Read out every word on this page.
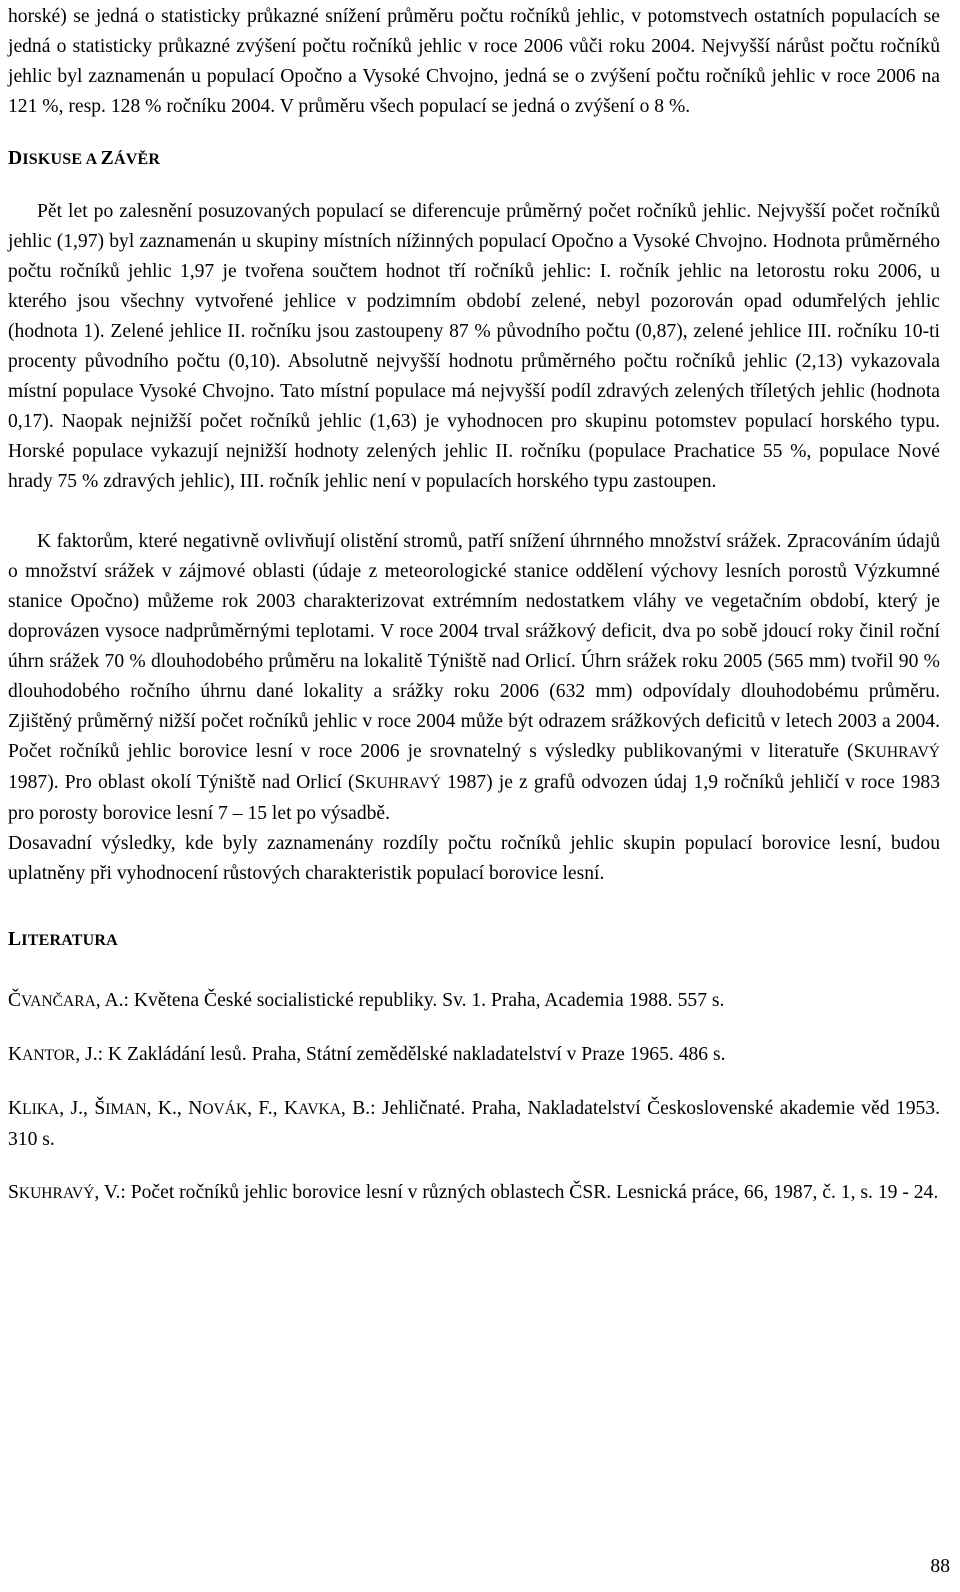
horské) se jedná o statisticky průkazné snížení průměru počtu ročníků jehlic, v potomstvech ostatních populacích se jedná o statisticky průkazné zvýšení počtu ročníků jehlic v roce 2006 vůči roku 2004. Nejvyšší nárůst počtu ročníků jehlic byl zaznamenán u populací Opočno a Vysoké Chvojno, jedná se o zvýšení počtu ročníků jehlic v roce 2006 na 121 %, resp. 128 % ročníku 2004. V průměru všech populací se jedná o zvýšení o 8 %.

DISKUSE A ZÁVĚR

Pět let po zalesnění posuzovaných populací se diferencuje průměrný počet ročníků jehlic. Nejvyšší počet ročníků jehlic (1,97) byl zaznamenán u skupiny místních nížinných populací Opočno a Vysoké Chvojno. Hodnota průměrného počtu ročníků jehlic 1,97 je tvořena součtem hodnot tří ročníků jehlic: I. ročník jehlic na letorostu roku 2006, u kterého jsou všechny vytvořené jehlice v podzimním období zelené, nebyl pozorován opad odumřelých jehlic (hodnota 1). Zelené jehlice II. ročníku jsou zastoupeny 87 % původního počtu (0,87), zelené jehlice III. ročníku 10-ti procenty původního počtu (0,10). Absolutně nejvyšší hodnotu průměrného počtu ročníků jehlic (2,13) vykazovala místní populace Vysoké Chvojno. Tato místní populace má nejvyšší podíl zdravých zelených tříletých jehlic (hodnota 0,17). Naopak nejnižší počet ročníků jehlic (1,63) je vyhodnocen pro skupinu potomstev populací horského typu. Horské populace vykazují nejnižší hodnoty zelených jehlic II. ročníku (populace Prachatice 55 %, populace Nové hrady 75 % zdravých jehlic), III. ročník jehlic není v populacích horského typu zastoupen.

K faktorům, které negativně ovlivňují olistění stromů, patří snížení úhrnného množství srážek. Zpracováním údajů o množství srážek v zájmové oblasti (údaje z meteorologické stanice oddělení výchovy lesních porostů Výzkumné stanice Opočno) můžeme rok 2003 charakterizovat extrémním nedostatkem vláhy ve vegetačním období, který je doprovázen vysoce nadprůměrnými teplotami. V roce 2004 trval srážkový deficit, dva po sobě jdoucí roky činil roční úhrn srážek 70 % dlouhodobého průměru na lokalitě Týniště nad Orlicí. Úhrn srážek roku 2005 (565 mm) tvořil 90 % dlouhodobého ročního úhrnu dané lokality a srážky roku 2006 (632 mm) odpovídaly dlouhodobému průměru. Zjištěný průměrný nižší počet ročníků jehlic v roce 2004 může být odrazem srážkových deficitů v letech 2003 a 2004. Počet ročníků jehlic borovice lesní v roce 2006 je srovnatelný s výsledky publikovanými v literatuře (SKUHRAVÝ 1987). Pro oblast okolí Týniště nad Orlicí (SKUHRAVÝ 1987) je z grafů odvozen údaj 1,9 ročníků jehličí v roce 1983 pro porosty borovice lesní 7 – 15 let po výsadbě.

Dosavadní výsledky, kde byly zaznamenány rozdíly počtu ročníků jehlic skupin populací borovice lesní, budou uplatněny při vyhodnocení růstových charakteristik populací borovice lesní.

LITERATURA

ČVANČARA, A.: Květena České socialistické republiky. Sv. 1. Praha, Academia 1988. 557 s.

KANTOR, J.: K Zakládání lesů. Praha, Státní zemědělské nakladatelství v Praze 1965. 486 s.

KLIKA, J., ŠIMAN, K., NOVÁK, F., KAVKA, B.: Jehličnaté. Praha, Nakladatelství Československé akademie věd 1953. 310 s.

SKUHRAVÝ, V.: Počet ročníků jehlic borovice lesní v různých oblastech ČSR. Lesnická práce, 66, 1987, č. 1, s. 19 - 24.

88
